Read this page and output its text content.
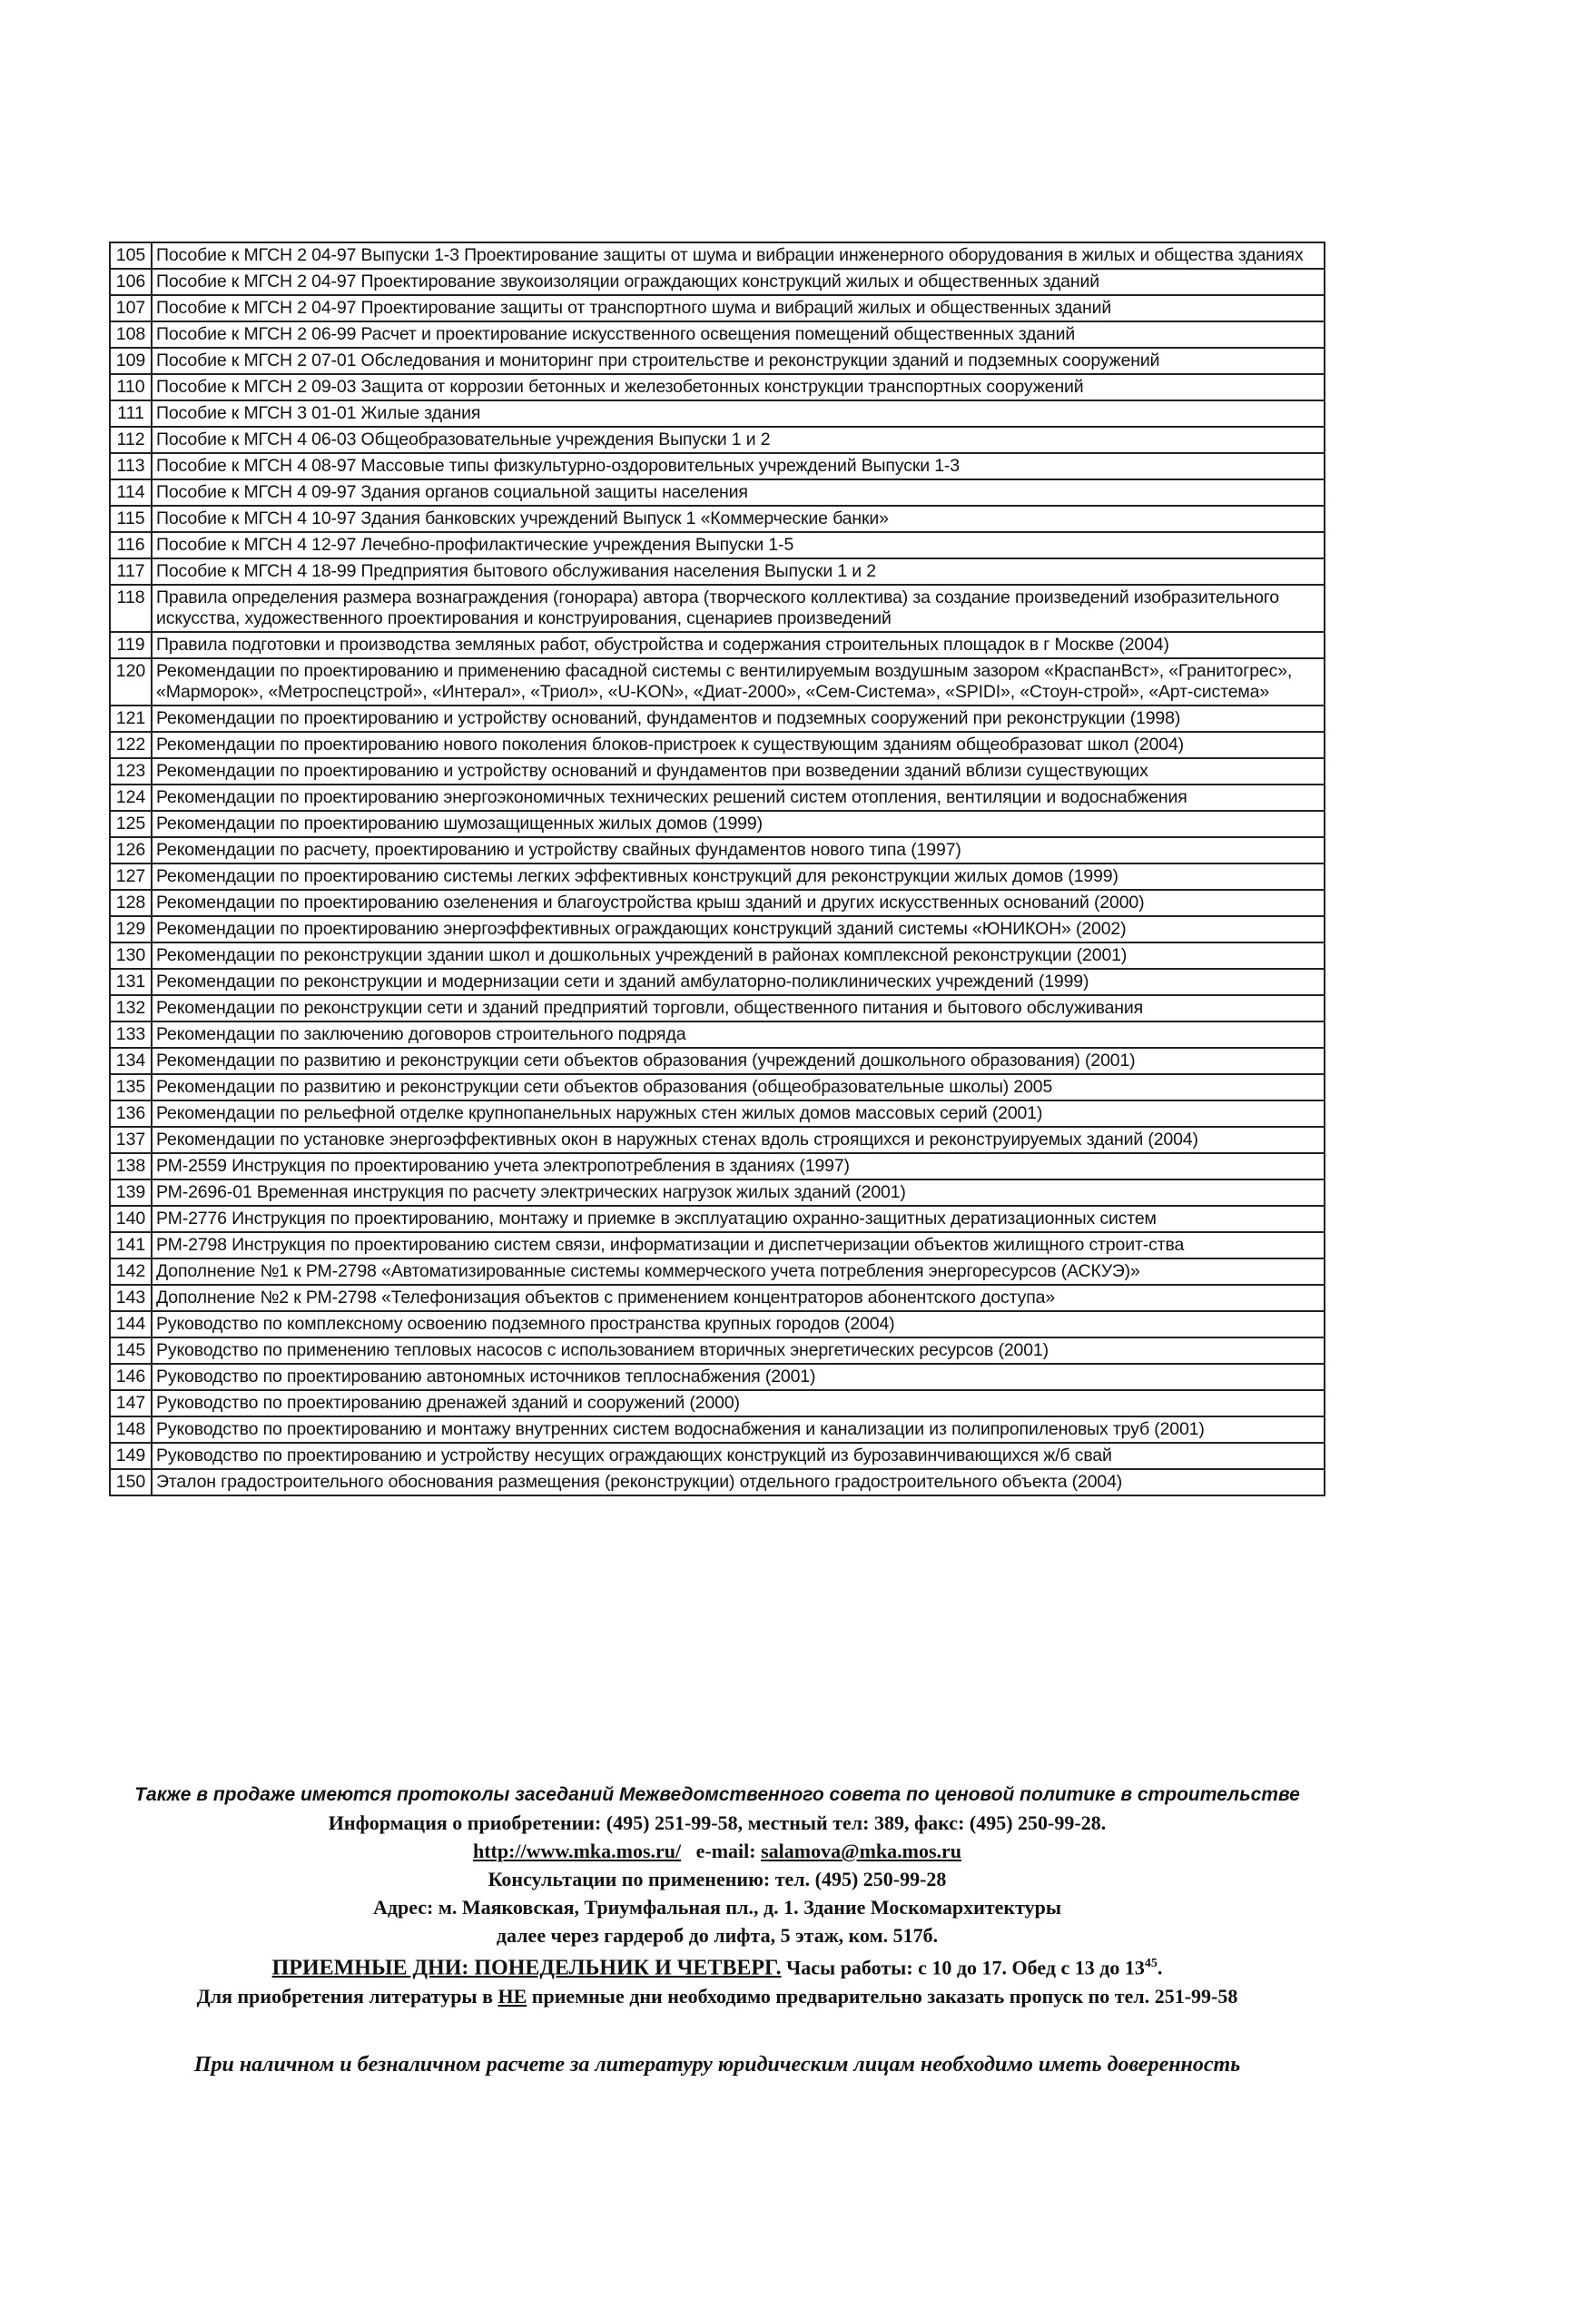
105	Пособие к МГСН 2 04-97 Выпуски 1-3 Проектирование защиты от шума и вибрации инженерного оборудования в жилых и общества зданиях
106	Пособие к МГСН 2 04-97 Проектирование звукоизоляции ограждающих конструкций жилых и общественных зданий
107	Пособие к МГСН 2 04-97 Проектирование защиты от транспортного шума и вибраций жилых и общественных зданий
108	Пособие к МГСН 2 06-99 Расчет и проектирование искусственного освещения помещений общественных зданий
109	Пособие к МГСН 2 07-01 Обследования и мониторинг при строительстве и реконструкции зданий и подземных сооружений
110	Пособие к МГСН 2 09-03 Защита от коррозии бетонных и железобетонных конструкции транспортных сооружений
111	Пособие к МГСН 3 01-01 Жилые здания
112	Пособие к МГСН 4 06-03 Общеобразовательные учреждения Выпуски 1 и 2
113	Пособие к МГСН 4 08-97 Массовые типы физкультурно-оздоровительных учреждений Выпуски 1-3
114	Пособие к МГСН 4 09-97 Здания органов социальной защиты населения
115	Пособие к МГСН 4 10-97 Здания банковских учреждений Выпуск 1 «Коммерческие банки»
116	Пособие к МГСН 4 12-97 Лечебно-профилактические учреждения Выпуски 1-5
117	Пособие к МГСН 4 18-99 Предприятия бытового обслуживания населения Выпуски 1 и 2
118	Правила определения размера вознаграждения (гонорара) автора (творческого коллектива) за создание произведений изобразительного искусства, художественного проектирования и конструирования, сценариев произведений
119	Правила подготовки и производства земляных работ, обустройства и содержания строительных площадок в г Москве (2004)
120	Рекомендации по проектированию и применению фасадной системы с вентилируемым воздушным зазором «КраспанВст», «Гранитогрес», «Марморок», «Метроспецстрой», «Интерал», «Триол», «U-KON», «Диат-2000», «Сем-Система», «SPIDI», «Стоун-строй», «Арт-система»
121	Рекомендации по проектированию и устройству оснований, фундаментов и подземных сооружений при реконструкции (1998)
122	Рекомендации по проектированию нового поколения блоков-пристроек к существующим зданиям общеобразоват школ (2004)
123	Рекомендации по проектированию и устройству оснований и фундаментов при возведении зданий вблизи существующих
124	Рекомендации по проектированию энергоэкономичных технических решений систем отопления, вентиляции и водоснабжения
125	Рекомендации по проектированию шумозащищенных жилых домов (1999)
126	Рекомендации по расчету, проектированию и устройству свайных фундаментов нового типа (1997)
127	Рекомендации по проектированию системы легких эффективных конструкций для реконструкции жилых домов (1999)
128	Рекомендации по проектированию озеленения и благоустройства крыш зданий и других искусственных оснований (2000)
129	Рекомендации по проектированию энергоэффективных ограждающих конструкций зданий системы «ЮНИКОН» (2002)
130	Рекомендации по реконструкции здании школ и дошкольных учреждений в районах комплексной реконструкции (2001)
131	Рекомендации по реконструкции и модернизации сети и зданий амбулаторно-поликлинических учреждений (1999)
132	Рекомендации по реконструкции сети и зданий предприятий торговли, общественного питания и бытового обслуживания
133	Рекомендации по заключению договоров строительного подряда
134	Рекомендации по развитию и реконструкции сети объектов образования (учреждений дошкольного образования) (2001)
135	Рекомендации по развитию и реконструкции сети объектов образования (общеобразовательные школы) 2005
136	Рекомендации по рельефной отделке крупнопанельных наружных стен жилых домов массовых серий (2001)
137	Рекомендации по установке энергоэффективных окон в наружных стенах вдоль строящихся и реконструируемых зданий (2004)
138	РМ-2559 Инструкция по проектированию учета электропотребления в зданиях (1997)
139	РМ-2696-01 Временная инструкция по расчету электрических нагрузок жилых зданий (2001)
140	РМ-2776 Инструкция по проектированию, монтажу и приемке в эксплуатацию охранно-защитных дератизационных систем
141	РМ-2798 Инструкция по проектированию систем связи, информатизации и диспетчеризации объектов жилищного строит-ства
142	Дополнение №1 к РМ-2798 «Автоматизированные системы коммерческого учета потребления энергоресурсов (АСКУЭ)»
143	Дополнение №2 к РМ-2798 «Телефонизация объектов с применением концентраторов абонентского доступа»
144	Руководство по комплексному освоению подземного пространства крупных городов (2004)
145	Руководство по применению тепловых насосов с использованием вторичных энергетических ресурсов (2001)
146	Руководство по проектированию автономных источников теплоснабжения (2001)
147	Руководство по проектированию дренажей зданий и сооружений (2000)
148	Руководство по проектированию и монтажу внутренних систем водоснабжения и канализации из полипропиленовых труб (2001)
149	Руководство по проектированию и устройству несущих ограждающих конструкций из бурозавинчивающихся ж/б свай
150	Эталон градостроительного обоснования размещения (реконструкции) отдельного градостроительного объекта (2004)

Также в продаже имеются протоколы заседаний Межведомственного совета по ценовой политике в строительстве

Информация о приобретении: (495) 251-99-58, местный тел: 389, факс: (495) 250-99-28.

http://www.mka.mos.ru/ e-mail: salamova@mka.mos.ru

Консультации по применению: тел. (495) 250-99-28

Адрес: м. Маяковская, Триумфальная пл., д. 1. Здание Москомархитектуры

далее через гардероб до лифта, 5 этаж, ком. 517б.

ПРИЕМНЫЕ ДНИ: ПОНЕДЕЛЬНИК И ЧЕТВЕРГ. Часы работы: с 10 до 17. Обед с 13 до $13^{45}$.

Для приобретения литературы в НЕ приемные дни необходимо предварительно заказать пропуск по тел. 251-99-58

При наличном и безналичном расчете за литературу юридическим лицам необходимо иметь доверенность
